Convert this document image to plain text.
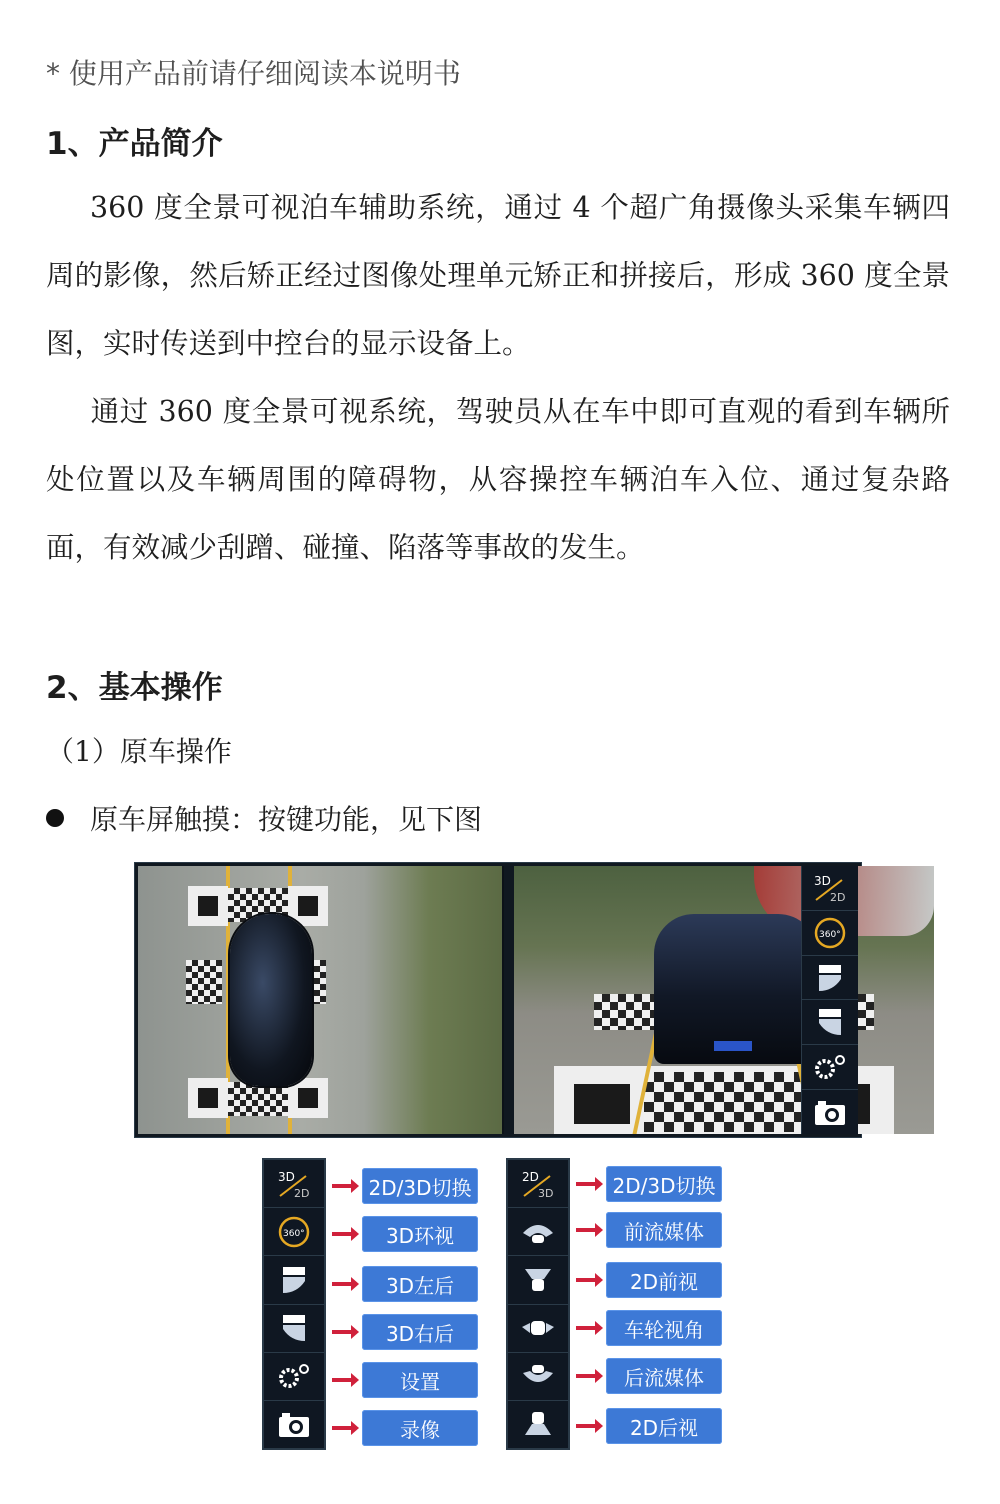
* 使用产品前请仔细阅读本说明书
1、产品简介

360 度全景可视泊车辅助系统，通过 4 个超广角摄像头采集车辆四周的影像，然后矫正经过图像处理单元矫正和拼接后，形成 360 度全景图，实时传送到中控台的显示设备上。

通过 360 度全景可视系统，驾驶员从在车中即可直观的看到车辆所处位置以及车辆周围的障碍物，从容操控车辆泊车入位、通过复杂路面，有效减少刮蹭、碰撞、陷落等事故的发生。

2、基本操作
（1）原车操作
原车屏触摸：按键功能，见下图
3D
2D
360°
3D
2D
360°
2D/3D切换
3D环视
3D左后
3D右后
设置
录像
2D
3D	2D/3D切换
前流媒体
2D前视
车轮视角
后流媒体
2D后视
